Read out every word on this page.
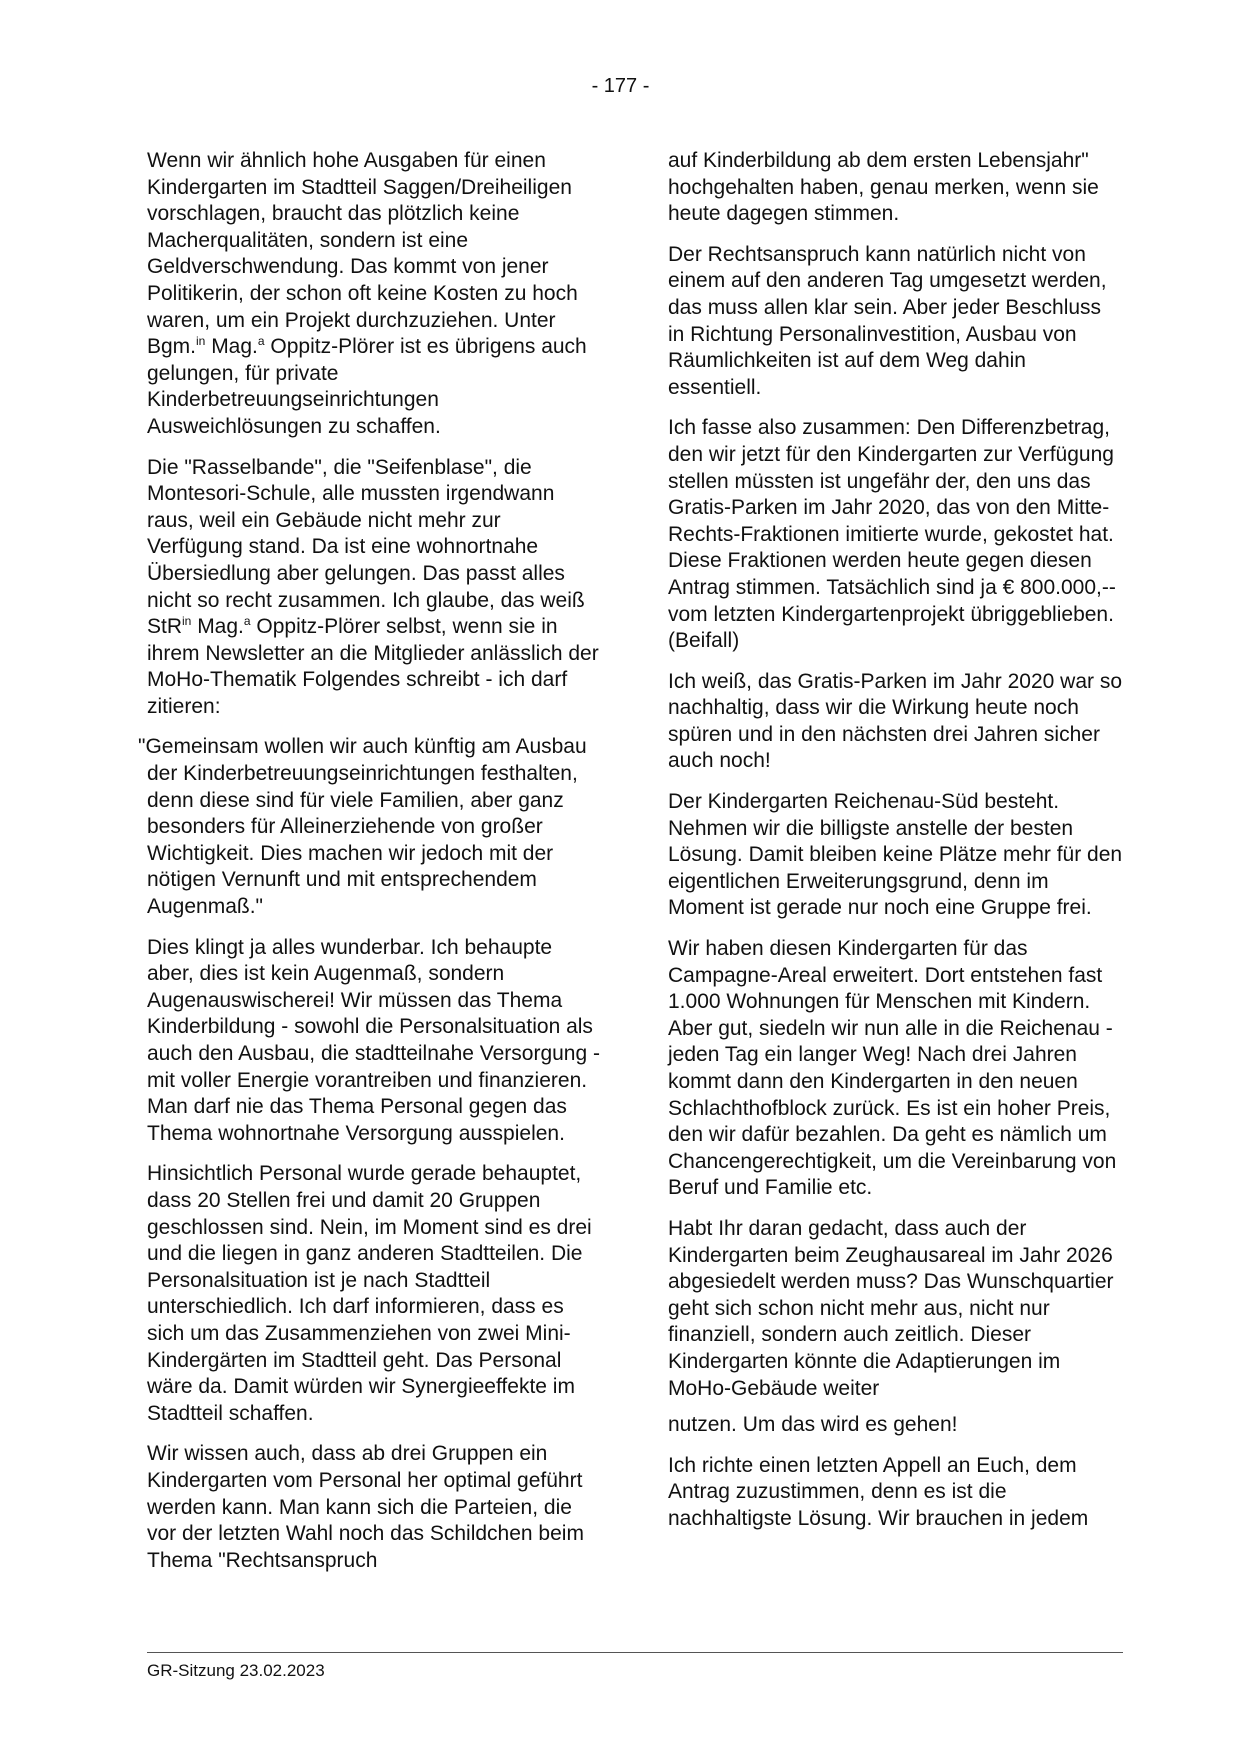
- 177 -

Wenn wir ähnlich hohe Ausgaben für einen Kindergarten im Stadtteil Saggen/Dreiheiligen vorschlagen, braucht das plötzlich keine Macherqualitäten, sondern ist eine Geldverschwendung. Das kommt von jener Politikerin, der schon oft keine Kosten zu hoch waren, um ein Projekt durchzuziehen. Unter Bgm.$^{in}$ Mag.$^a$ Oppitz-Plörer ist es übrigens auch gelungen, für private Kinderbetreuungseinrichtungen Ausweichlösungen zu schaffen.

Die "Rasselbande", die "Seifenblase", die Montesori-Schule, alle mussten irgendwann raus, weil ein Gebäude nicht mehr zur Verfügung stand. Da ist eine wohnortnahe Übersiedlung aber gelungen. Das passt alles nicht so recht zusammen. Ich glaube, das weiß StR$^{in}$ Mag.$^a$ Oppitz-Plörer selbst, wenn sie in ihrem Newsletter an die Mitglieder anlässlich der MoHo-Thematik Folgendes schreibt - ich darf zitieren:

"Gemeinsam wollen wir auch künftig am Ausbau der Kinderbetreuungseinrichtungen festhalten, denn diese sind für viele Familien, aber ganz besonders für Alleinerziehende von großer Wichtigkeit. Dies machen wir jedoch mit der nötigen Vernunft und mit entsprechendem Augenmaß."

Dies klingt ja alles wunderbar. Ich behaupte aber, dies ist kein Augenmaß, sondern Augenauswischerei! Wir müssen das Thema Kinderbildung - sowohl die Personalsituation als auch den Ausbau, die stadtteilnahe Versorgung - mit voller Energie vorantreiben und finanzieren. Man darf nie das Thema Personal gegen das Thema wohnortnahe Versorgung ausspielen.

Hinsichtlich Personal wurde gerade behauptet, dass 20 Stellen frei und damit 20 Gruppen geschlossen sind. Nein, im Moment sind es drei und die liegen in ganz anderen Stadtteilen. Die Personalsituation ist je nach Stadtteil unterschiedlich. Ich darf informieren, dass es sich um das Zusammenziehen von zwei Mini-Kindergärten im Stadtteil geht. Das Personal wäre da. Damit würden wir Synergieeffekte im Stadtteil schaffen.

Wir wissen auch, dass ab drei Gruppen ein Kindergarten vom Personal her optimal geführt werden kann. Man kann sich die Parteien, die vor der letzten Wahl noch das Schildchen beim Thema "Rechtsanspruch

auf Kinderbildung ab dem ersten Lebensjahr" hochgehalten haben, genau merken, wenn sie heute dagegen stimmen.

Der Rechtsanspruch kann natürlich nicht von einem auf den anderen Tag umgesetzt werden, das muss allen klar sein. Aber jeder Beschluss in Richtung Personalinvestition, Ausbau von Räumlichkeiten ist auf dem Weg dahin essentiell.

Ich fasse also zusammen: Den Differenzbetrag, den wir jetzt für den Kindergarten zur Verfügung stellen müssten ist ungefähr der, den uns das Gratis-Parken im Jahr 2020, das von den Mitte-Rechts-Fraktionen imitierte wurde, gekostet hat. Diese Fraktionen werden heute gegen diesen Antrag stimmen. Tatsächlich sind ja € 800.000,-- vom letzten Kindergartenprojekt übriggeblieben. (Beifall)

Ich weiß, das Gratis-Parken im Jahr 2020 war so nachhaltig, dass wir die Wirkung heute noch spüren und in den nächsten drei Jahren sicher auch noch!

Der Kindergarten Reichenau-Süd besteht. Nehmen wir die billigste anstelle der besten Lösung. Damit bleiben keine Plätze mehr für den eigentlichen Erweiterungsgrund, denn im Moment ist gerade nur noch eine Gruppe frei.

Wir haben diesen Kindergarten für das Campagne-Areal erweitert. Dort entstehen fast 1.000 Wohnungen für Menschen mit Kindern. Aber gut, siedeln wir nun alle in die Reichenau - jeden Tag ein langer Weg! Nach drei Jahren kommt dann den Kindergarten in den neuen Schlachthofblock zurück. Es ist ein hoher Preis, den wir dafür bezahlen. Da geht es nämlich um Chancengerechtigkeit, um die Vereinbarung von Beruf und Familie etc.

Habt Ihr daran gedacht, dass auch der Kindergarten beim Zeughausareal im Jahr 2026 abgesiedelt werden muss? Das Wunschquartier geht sich schon nicht mehr aus, nicht nur finanziell, sondern auch zeitlich. Dieser Kindergarten könnte die Adaptierungen im MoHo-Gebäude weiter

nutzen. Um das wird es gehen!

Ich richte einen letzten Appell an Euch, dem Antrag zuzustimmen, denn es ist die nachhaltigste Lösung. Wir brauchen in jedem

GR-Sitzung 23.02.2023
